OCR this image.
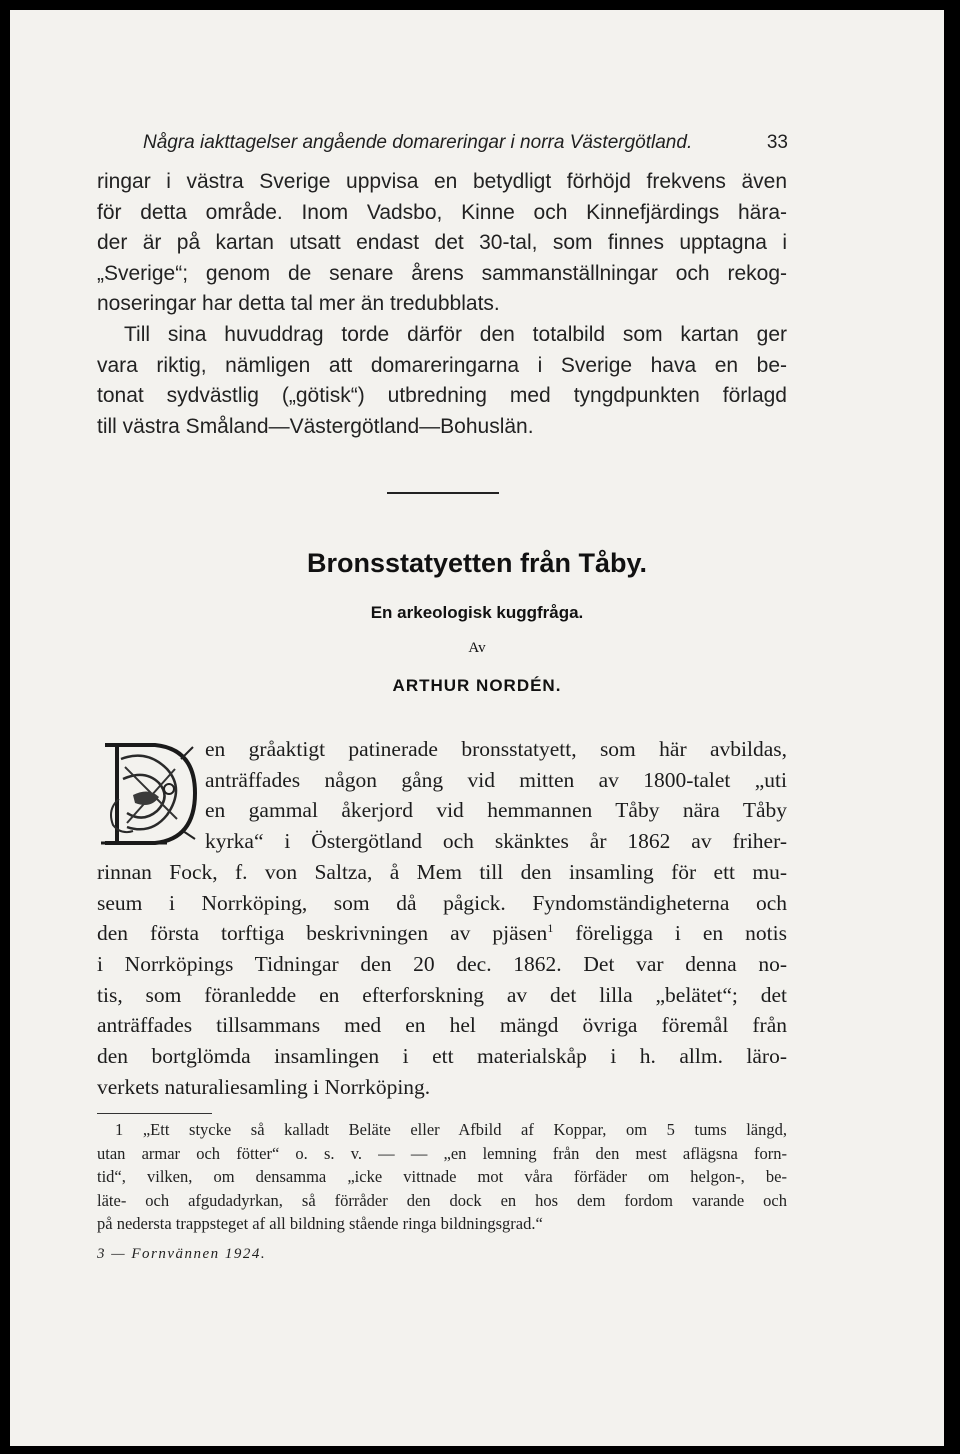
Några iakttagelser angående domareringar i norra Västergötland.	33
ringar i västra Sverige uppvisa en betydligt förhöjd frekvens även
för detta område. Inom Vadsbo, Kinne och Kinnefjärdings hära-
der är på kartan utsatt endast det 30-tal, som finnes upptagna i
„Sverige“; genom de senare årens sammanställningar och rekog-
noseringar har detta tal mer än tredubblats.
Till sina huvuddrag torde därför den totalbild som kartan ger
vara riktig, nämligen att domareringarna i Sverige hava en be-
tonat sydvästlig („götisk“) utbredning med tyngdpunkten förlagd
till västra Småland—Västergötland—Bohuslän.
Bronsstatyetten från Tåby.
En arkeologisk kuggfråga.
Av
ARTHUR NORDÉN.
en gråaktigt patinerade bronsstatyett, som här avbildas,
anträffades någon gång vid mitten av 1800-talet „uti
en gammal åkerjord vid hemmannen Tåby nära Tåby
kyrka“ i Östergötland och skänktes år 1862 av friher-
rinnan Fock, f. von Saltza, å Mem till den insamling för ett mu-
seum i Norrköping, som då pågick. Fyndomständigheterna och
den första torftiga beskrivningen av pjäsen$^1$ föreligga i en notis
i Norrköpings Tidningar den 20 dec. 1862. Det var denna no-
tis, som föranledde en efterforskning av det lilla „belätet“; det
anträffades tillsammans med en hel mängd övriga föremål från
den bortglömda insamlingen i ett materialskåp i h. allm. läro-
verkets naturaliesamling i Norrköping.
1 „Ett stycke så kalladt Beläte eller Afbild af Koppar, om 5 tums längd,
utan armar och fötter“ o. s. v. — — „en lemning från den mest aflägsna forn-
tid“, vilken, om densamma „icke vittnade mot våra förfäder om helgon-, be-
läte- och afgudadyrkan, så förråder den dock en hos dem fordom varande och
på nedersta trappsteget af all bildning stående ringa bildningsgrad.“
3 — Fornvännen 1924.
